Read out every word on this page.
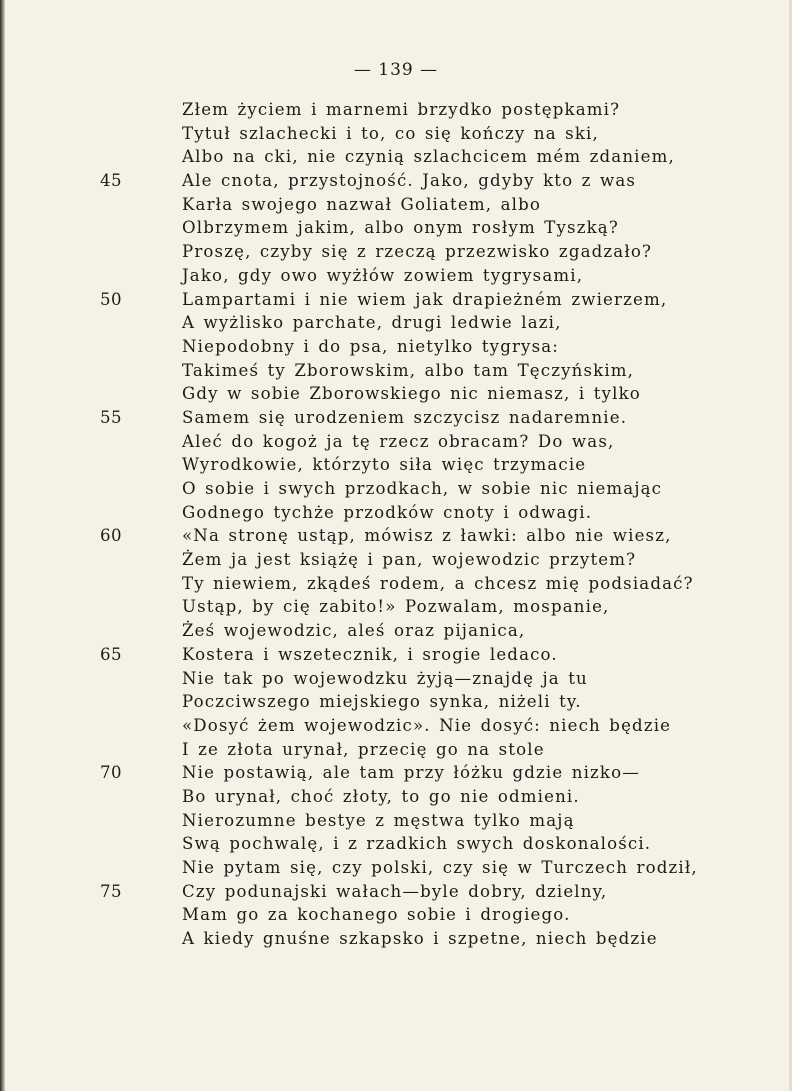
— 139 —
Złem życiem i marnemi brzydko postępkami?
Tytuł szlachecki i to, co się kończy na ski,
Albo na cki, nie czynią szlachcicem mém zdaniem,
45	Ale cnota, przystojność. Jako, gdyby kto z was
Karła swojego nazwał Goliatem, albo
Olbrzymem jakim, albo onym rosłym Tyszką?
Proszę, czyby się z rzeczą przezwisko zgadzało?
Jako, gdy owo wyżłów zowiem tygrysami,
50	Lampartami i nie wiem jak drapieżném zwierzem,
A wyżlisko parchate, drugi ledwie lazi,
Niepodobny i do psa, nietylko tygrysa:
Takimeś ty Zborowskim, albo tam Tęczyńskim,
Gdy w sobie Zborowskiego nic niemasz, i tylko
55	Samem się urodzeniem szczycisz nadaremnie.
Aleć do kogoż ja tę rzecz obracam? Do was,
Wyrodkowie, którzyto siła więc trzymacie
O sobie i swych przodkach, w sobie nic niemając
Godnego tychże przodków cnoty i odwagi.
60	«Na stronę ustąp, mówisz z ławki: albo nie wiesz,
Żem ja jest książę i pan, wojewodzic przytem?
Ty niewiem, zkądeś rodem, a chcesz mię podsiadać?
Ustąp, by cię zabito!» Pozwalam, mospanie,
Żeś wojewodzic, aleś oraz pijanica,
65	Kostera i wszetecznik, i srogie ledaco.
Nie tak po wojewodzku żyją—znajdę ja tu
Poczciwszego miejskiego synka, niżeli ty.
«Dosyć żem wojewodzic». Nie dosyć: niech będzie
I ze złota urynał, przecię go na stole
70	Nie postawią, ale tam przy łóżku gdzie nizko—
Bo urynał, choć złoty, to go nie odmieni.
Nierozumne bestye z męstwa tylko mają
Swą pochwalę, i z rzadkich swych doskonalości.
Nie pytam się, czy polski, czy się w Turczech rodził,
75	Czy podunajski wałach—byle dobry, dzielny,
Mam go za kochanego sobie i drogiego.
A kiedy gnuśne szkapsko i szpetne, niech będzie
